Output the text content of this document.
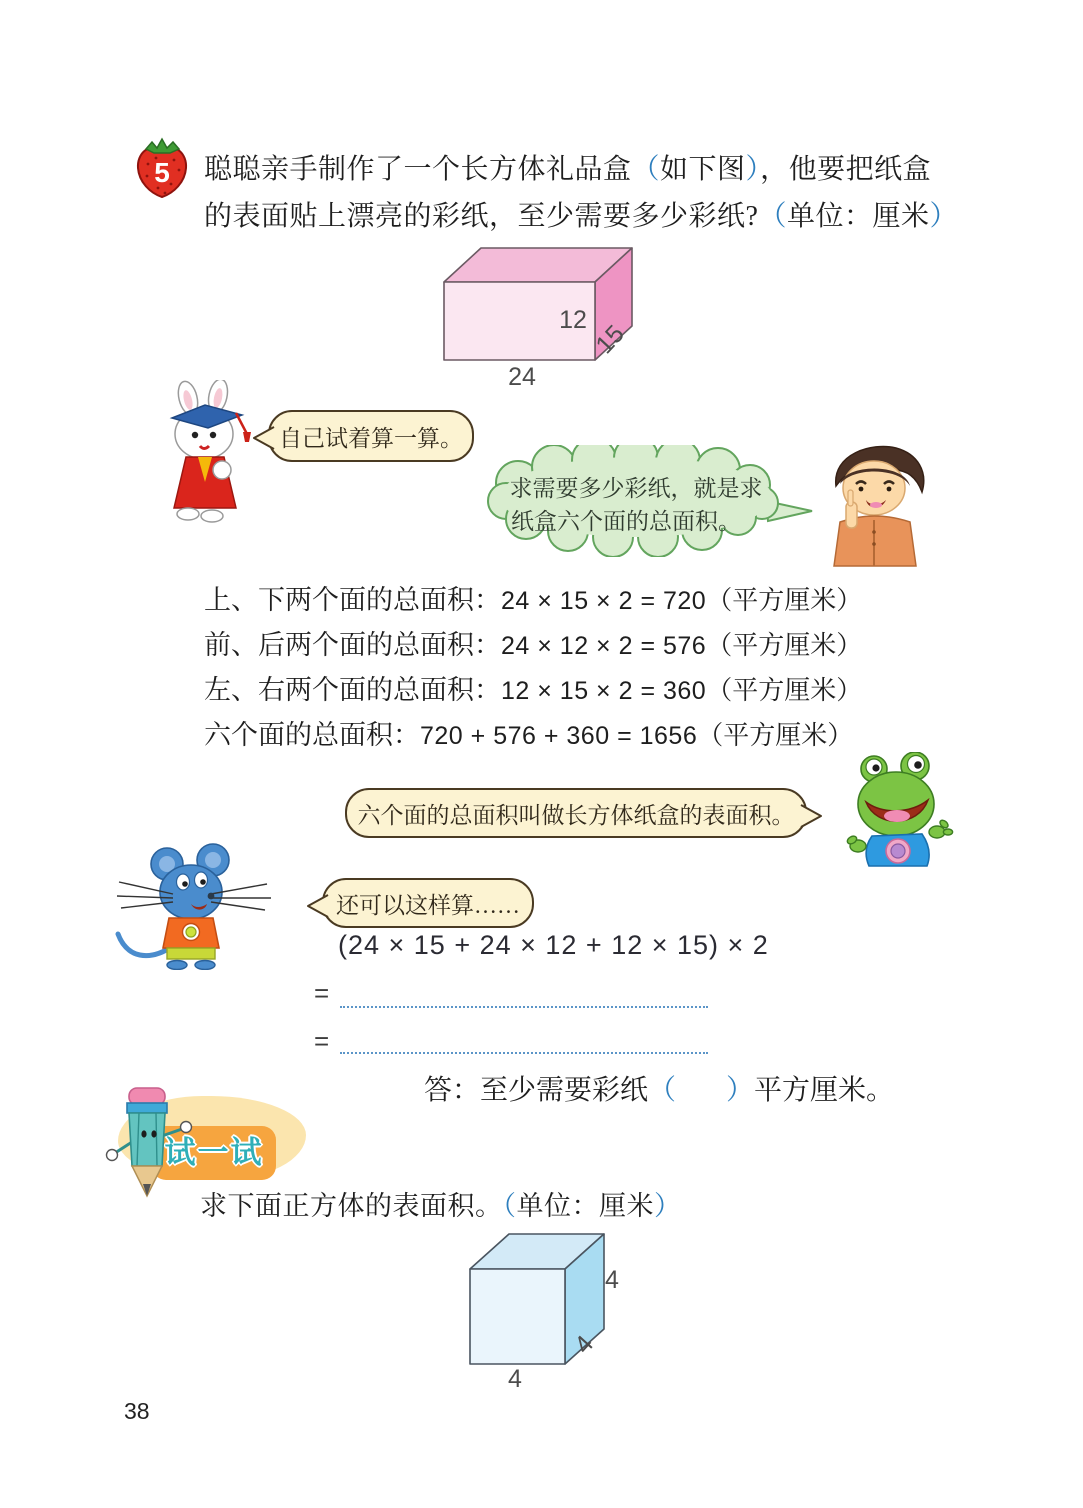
5 聪聪亲手制作了一个长方体礼品盒（如下图），他要把纸盒
的表面贴上漂亮的彩纸，至少需要多少彩纸?（单位：厘米）
12 15
24
自己试着算一算。
求需要多少彩纸，就是求
纸盒六个面的总面积。
上、下两个面的总面积：24 × 15 × 2 = 720（平方厘米）
前、后两个面的总面积：24 × 12 × 2 = 576（平方厘米）
左、右两个面的总面积：12 × 15 × 2 = 360（平方厘米）
六个面的总面积：720 + 576 + 360 = 1656（平方厘米）
六个面的总面积叫做长方体纸盒的表面积。
还可以这样算……
(24 × 15 + 24 × 12 + 12 × 15) × 2
=
=
答：至少需要彩纸（ ）平方厘米。
试一试
求下面正方体的表面积。（单位：厘米）
4
4
4
38
